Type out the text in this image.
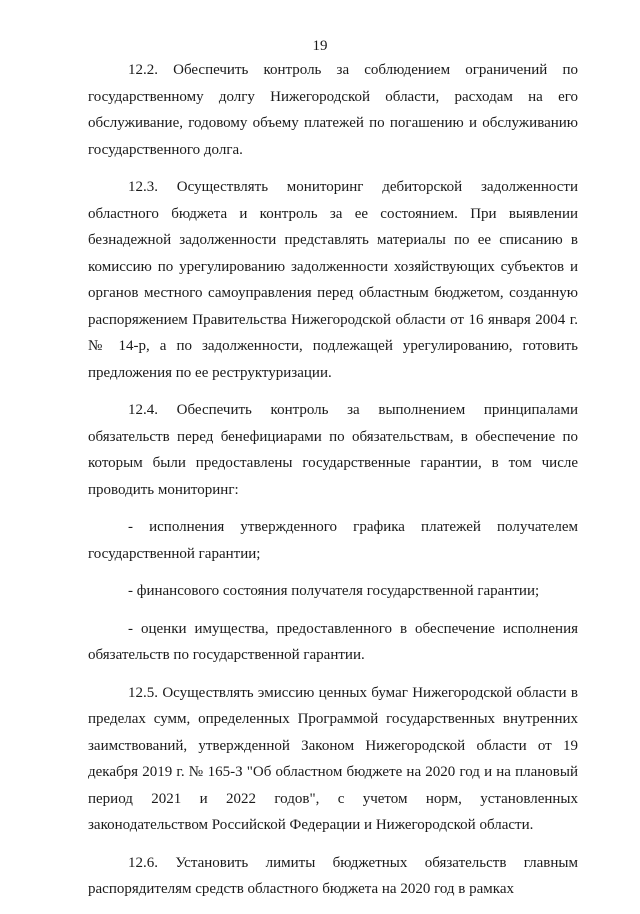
19

12.2. Обеспечить контроль за соблюдением ограничений по государственному долгу Нижегородской области, расходам на его обслуживание, годовому объему платежей по погашению и обслуживанию государственного долга.

12.3. Осуществлять мониторинг дебиторской задолженности областного бюджета и контроль за ее состоянием. При выявлении безнадежной задолженности представлять материалы по ее списанию в комиссию по урегулированию задолженности хозяйствующих субъектов и органов местного самоуправления перед областным бюджетом, созданную распоряжением Правительства Нижегородской области от 16 января 2004 г. № 14-р, а по задолженности, подлежащей урегулированию, готовить предложения по ее реструктуризации.

12.4. Обеспечить контроль за выполнением принципалами обязательств перед бенефициарами по обязательствам, в обеспечение по которым были предоставлены государственные гарантии, в том числе проводить мониторинг:

- исполнения утвержденного графика платежей получателем государственной гарантии;

- финансового состояния получателя государственной гарантии;

- оценки имущества, предоставленного в обеспечение исполнения обязательств по государственной гарантии.

12.5. Осуществлять эмиссию ценных бумаг Нижегородской области в пределах сумм, определенных Программой государственных внутренних заимствований, утвержденной Законом Нижегородской области от 19 декабря 2019 г. № 165-З "Об областном бюджете на 2020 год и на плановый период 2021 и 2022 годов", с учетом норм, установленных законодательством Российской Федерации и Нижегородской области.

12.6. Установить лимиты бюджетных обязательств главным распорядителям средств областного бюджета на 2020 год в рамках
